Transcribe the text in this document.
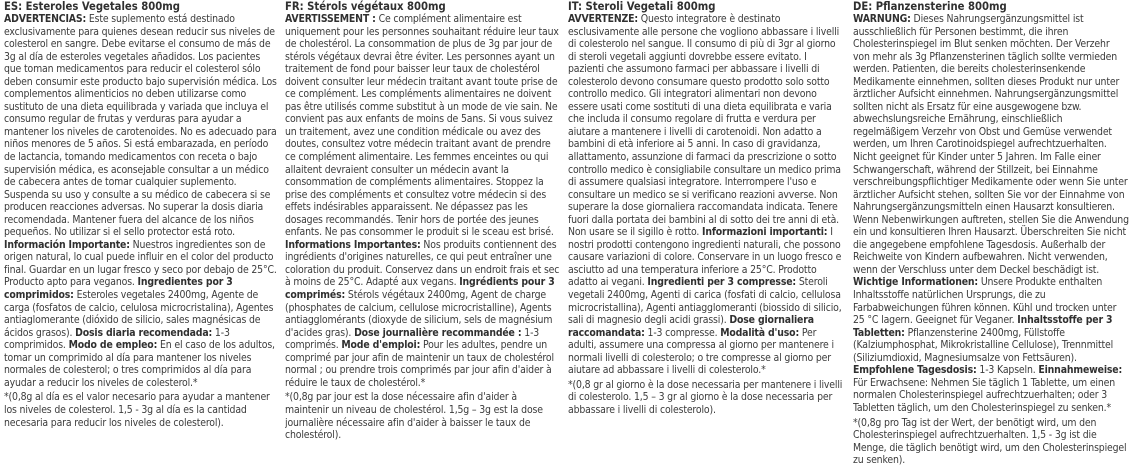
ES: Esteroles Vegetales 800mg

ADVERTENCIAS: Este suplemento está destinado exclusivamente para quienes desean reducir sus niveles de colesterol en sangre. Debe evitarse el consumo de más de 3g al día de esteroles vegetales añadidos. Los pacientes que toman medicamentos para reducir el colesterol sólo deben consumir este producto bajo supervisión médica. Los complementos alimenticios no deben utilizarse como sustituto de una dieta equilibrada y variada que incluya el consumo regular de frutas y verduras para ayudar a mantener los niveles de carotenoides. No es adecuado para niños menores de 5 años. Si está embarazada, en período de lactancia, tomando medicamentos con receta o bajo supervisión médica, es aconsejable consultar a un médico de cabecera antes de tomar cualquier suplemento. Suspenda su uso y consulte a su médico de cabecera si se producen reacciones adversas. No superar la dosis diaria recomendada. Mantener fuera del alcance de los niños pequeños. No utilizar si el sello protector está roto. Información Importante: Nuestros ingredientes son de origen natural, lo cual puede influir en el color del producto final. Guardar en un lugar fresco y seco por debajo de 25°C. Producto apto para veganos. Ingredientes por 3 comprimidos: Esteroles vegetales 2400mg, Agente de carga (fosfatos de calcio, celulosa microcristalina), Agentes antiaglomerante (dióxido de silicio, sales magnésicas de ácidos grasos). Dosis diaria recomendada: 1-3 comprimidos. Modo de empleo: En el caso de los adultos, tomar un comprimido al día para mantener los niveles normales de colesterol; o tres comprimidos al día para ayudar a reducir los niveles de colesterol.*

*(0,8g al día es el valor necesario para ayudar a mantener los niveles de colesterol. 1,5 - 3g al día es la cantidad necesaria para reducir los niveles de colesterol).

FR: Stérols végétaux 800mg

AVERTISSEMENT : Ce complément alimentaire est uniquement pour les personnes souhaitant réduire leur taux de cholestérol. La consommation de plus de 3g par jour de stérols végétaux devrai être éviter. Les personnes ayant un traitement de fond pour baisser leur taux de cholestérol doivent consulter leur médecin traitant avant toute prise de ce complément. Les compléments alimentaires ne doivent pas être utilisés comme substitut à un mode de vie sain. Ne convient pas aux enfants de moins de 5ans. Si vous suivez un traitement, avez une condition médicale ou avez des doutes, consultez votre médecin traitant avant de prendre ce complément alimentaire. Les femmes enceintes ou qui allaitent devraient consulter un médecin avant la consommation de compléments alimentaires. Stoppez la prise des compléments et consultez votre médecin si des effets indésirables apparaissent. Ne dépassez pas les dosages recommandés. Tenir hors de portée des jeunes enfants. Ne pas consommer le produit si le sceau est brisé. Informations Importantes: Nos produits contiennent des ingrédients d'origines naturelles, ce qui peut entraîner une coloration du produit. Conservez dans un endroit frais et sec à moins de 25°C. Adapté aux vegans. Ingrédients pour 3 comprimés: Stérols végétaux 2400mg, Agent de charge (phosphates de calcium, cellulose microcristalline), Agents antiagglomérants (dioxyde de silicium, sels de magnésium d'acides gras). Dose journalière recommandée : 1-3 comprimés. Mode d'emploi: Pour les adultes, pendre un comprimé par jour afin de maintenir un taux de cholestérol normal ; ou prendre trois comprimés par jour afin d'aider à réduire le taux de cholestérol.*

*(0,8g par jour est la dose nécessaire afin d'aider à maintenir un niveau de cholestérol. 1,5g – 3g est la dose journalière nécessaire afin d'aider à baisser le taux de cholestérol).

IT: Steroli Vegetali 800mg

AVVERTENZE: Questo integratore è destinato esclusivamente alle persone che vogliono abbassare i livelli di colesterolo nel sangue. Il consumo di più di 3gr al giorno di steroli vegetali aggiunti dovrebbe essere evitato. I pazienti che assumono farmaci per abbassare i livelli di colesterolo devono consumare questo prodotto solo sotto controllo medico. Gli integratori alimentari non devono essere usati come sostituti di una dieta equilibrata e varia che includa il consumo regolare di frutta e verdura per aiutare a mantenere i livelli di carotenoidi. Non adatto a bambini di età inferiore ai 5 anni. In caso di gravidanza, allattamento, assunzione di farmaci da prescrizione o sotto controllo medico è consigliabile consultare un medico prima di assumere qualsiasi integratore. Interrompere l'uso e consultare un medico se si verificano reazioni avverse. Non superare la dose giornaliera raccomandata indicata. Tenere fuori dalla portata dei bambini al di sotto dei tre anni di età. Non usare se il sigillo è rotto. Informazioni importanti: I nostri prodotti contengono ingredienti naturali, che possono causare variazioni di colore. Conservare in un luogo fresco e asciutto ad una temperatura inferiore a 25°C. Prodotto adatto ai vegani. Ingredienti per 3 compresse: Steroli vegetali 2400mg, Agenti di carica (fosfati di calcio, cellulosa microcristallina), Agenti antiagglomeranti (biossido di silicio, sali di magnesio degli acidi grassi). Dose giornaliera raccomandata: 1-3 compresse. Modalità d'uso: Per adulti, assumere una compressa al giorno per mantenere i normali livelli di colesterolo; o tre compresse al giorno per aiutare ad abbassare i livelli di colesterolo.*

*(0,8 gr al giorno è la dose necessaria per mantenere i livelli di colesterolo. 1,5 – 3 gr al giorno è la dose necessaria per abbassare i livelli di colesterolo).

DE: Pflanzensterine 800mg

WARNUNG: Dieses Nahrungsergänzungsmittel ist ausschließlich für Personen bestimmt, die ihren Cholesterinspiegel im Blut senken möchten. Der Verzehr von mehr als 3g Pflanzensterinen täglich sollte vermieden werden. Patienten, die bereits cholesterinsenkende Medikamente einnehmen, sollten dieses Produkt nur unter ärztlicher Aufsicht einnehmen. Nahrungsergänzungsmittel sollten nicht als Ersatz für eine ausgewogene bzw. abwechslungsreiche Ernährung, einschließlich regelmäßigem Verzehr von Obst und Gemüse verwendet werden, um Ihren Carotinoidspiegel aufrechtzuerhalten. Nicht geeignet für Kinder unter 5 Jahren. Im Falle einer Schwangerschaft, während der Stillzeit, bei Einnahme verschreibungspflichtiger Medikamente oder wenn Sie unter ärztlicher Aufsicht stehen, sollten Sie vor der Einnahme von Nahrungsergänzungsmitteln einen Hausarzt konsultieren. Wenn Nebenwirkungen auftreten, stellen Sie die Anwendung ein und konsultieren Ihren Hausarzt. Überschreiten Sie nicht die angegebene empfohlene Tagesdosis. Außerhalb der Reichweite von Kindern aufbewahren. Nicht verwenden, wenn der Verschluss unter dem Deckel beschädigt ist. Wichtige Informationen: Unsere Produkte enthalten Inhaltsstoffe natürlichen Ursprungs, die zu Farbabweichungen führen können. Kühl und trocken unter 25 °C lagern. Geeignet für Veganer. Inhaltsstoffe per 3 Tabletten: Pflanzensterine 2400mg, Füllstoffe (Kalziumphosphat, Mikrokristalline Cellulose), Trennmittel (Siliziumdioxid, Magnesiumsalze von Fettsäuren). Empfohlene Tagesdosis: 1-3 Kapseln. Einnahmeweise: Für Erwachsene: Nehmen Sie täglich 1 Tablette, um einen normalen Cholesterinspiegel aufrechtzuerhalten; oder 3 Tabletten täglich, um den Cholesterinspiegel zu senken.*

*(0,8g pro Tag ist der Wert, der benötigt wird, um den Cholesterinspiegel aufrechtzuerhalten. 1,5 - 3g ist die Menge, die täglich benötigt wird, um den Cholesterinspiegel zu senken).
